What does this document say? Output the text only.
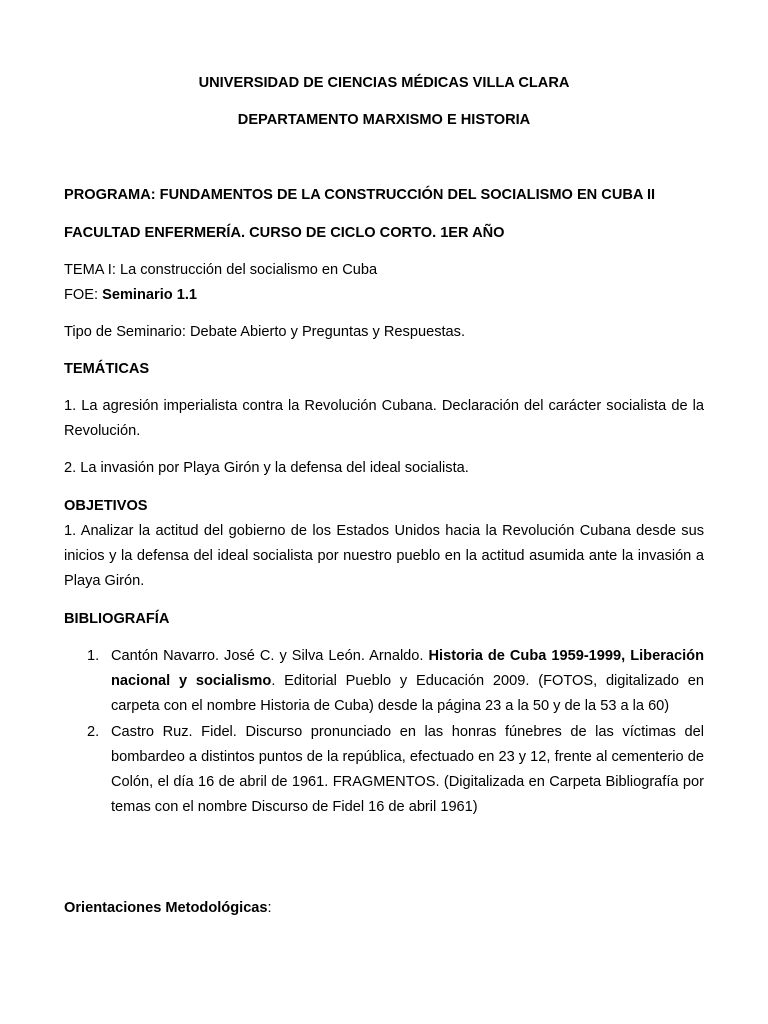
UNIVERSIDAD DE CIENCIAS MÉDICAS VILLA CLARA
DEPARTAMENTO MARXISMO E HISTORIA
PROGRAMA: FUNDAMENTOS DE LA CONSTRUCCIÓN DEL SOCIALISMO EN CUBA II
FACULTAD ENFERMERÍA. CURSO DE CICLO CORTO. 1ER AÑO
TEMA I: La construcción del socialismo en Cuba
FOE: Seminario 1.1
Tipo de Seminario: Debate Abierto y Preguntas y Respuestas.
TEMÁTICAS
1. La agresión imperialista contra la Revolución Cubana. Declaración del carácter socialista de la Revolución.
2. La invasión por Playa Girón y la defensa del ideal socialista.
OBJETIVOS
1. Analizar la actitud del gobierno de los Estados Unidos hacia la Revolución Cubana desde sus inicios y la defensa del ideal socialista por nuestro pueblo en la actitud asumida ante la invasión a Playa Girón.
BIBLIOGRAFÍA
1. Cantón Navarro. José C. y Silva León. Arnaldo. Historia de Cuba 1959-1999, Liberación nacional y socialismo. Editorial Pueblo y Educación 2009. (FOTOS, digitalizado en carpeta con el nombre Historia de Cuba) desde la página 23 a la 50 y de la 53 a la 60)
2. Castro Ruz. Fidel. Discurso pronunciado en las honras fúnebres de las víctimas del bombardeo a distintos puntos de la república, efectuado en 23 y 12, frente al cementerio de Colón, el día 16 de abril de 1961. FRAGMENTOS. (Digitalizada en Carpeta Bibliografía por temas con el nombre Discurso de Fidel 16 de abril 1961)
Orientaciones Metodológicas:
